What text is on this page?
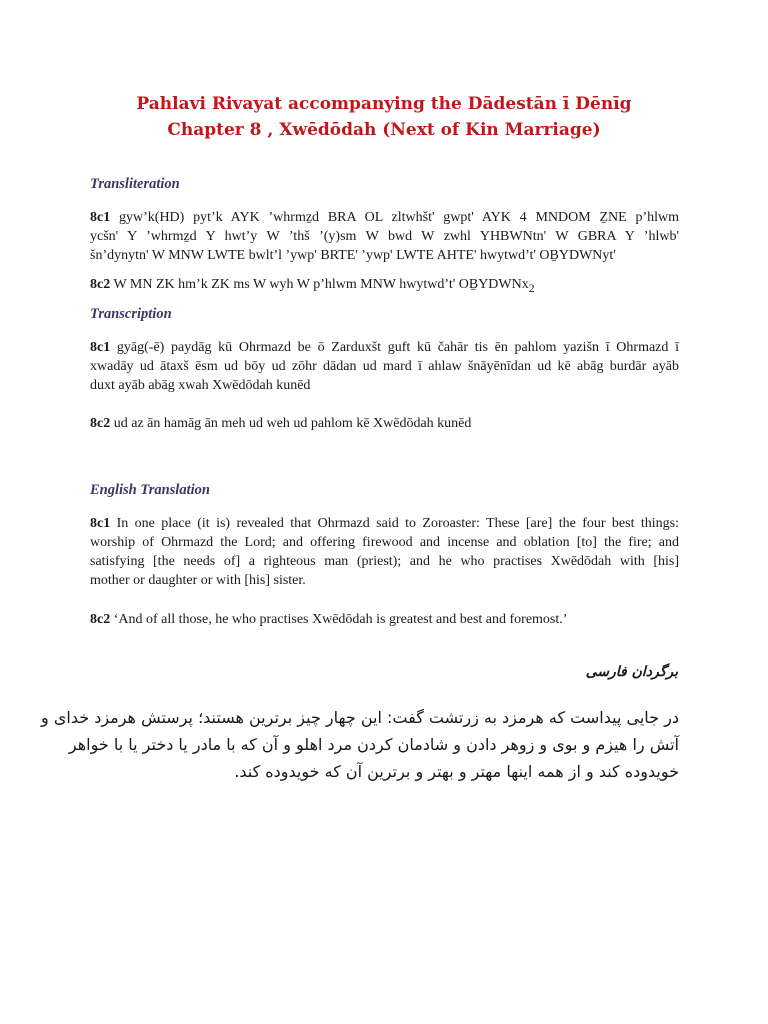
Pahlavi Rivayat accompanying the Dādestān ī Dēnīg
Chapter 8 , Xwēdōdah (Next of Kin Marriage)
Transliteration
8c1 gyw’k(HD) pyt’k AYK ’whrmẕd BRA OL zltwhšt' gwpt' AYK 4 MNDOM ẔNE p’hlwm
ycšn' Y ’whrmẕd Y hwt’y W ’thš ’(y)sm W bwd W zwhl YHBWNtn' W GBRA Y ’hlwb'
šn’dynytn' W MNW LWTE bwlt’l ’ywp' BRTE' ’ywp' LWTE AHTE' hwytwd’t' OḆYDWNyt'
8c2 W MN ZK hm’k ZK ms W wyh W p’hlwm MNW hwytwd’t' OḆYDWNx$_2$
Transcription
8c1 gyāg(-ē) paydāg kū Ohrmazd be ō Zarduxšt guft kū čahār tis ēn pahlom yazišn ī Ohrmazd ī
xwadāy ud ātaxš ēsm ud bōy ud zōhr dādan ud mard ī ahlaw šnāyēnīdan ud kē abāg burdār ayāb
duxt ayāb abāg xwah Xwēdōdah kunēd
8c2 ud az ān hamāg ān meh ud weh ud pahlom kē Xwēdōdah kunēd
English Translation
8c1 In one place (it is) revealed that Ohrmazd said to Zoroaster: These [are] the four best things:
worship of Ohrmazd the Lord; and offering firewood and incense and oblation [to] the fire; and
satisfying [the needs of] a righteous man (priest); and he who practises Xwēdōdah with [his]
mother or daughter or with [his] sister.
8c2 ‘And of all those, he who practises Xwēdōdah is greatest and best and foremost.’
برگردان فارسی
در جایی پیداست که هرمزد به زرتشت گفت: این چهار چیز برترین هستند؛ پرستش هرمزد خدای و
آتش را هیزم و بوی و زوهر دادن و شادمان کردن مرد اهلو و آن که با مادر یا دختر یا با خواهر
خویدوده کند و از همه اینها مهتر و بهتر و برترین آن که خویدوده کند.
